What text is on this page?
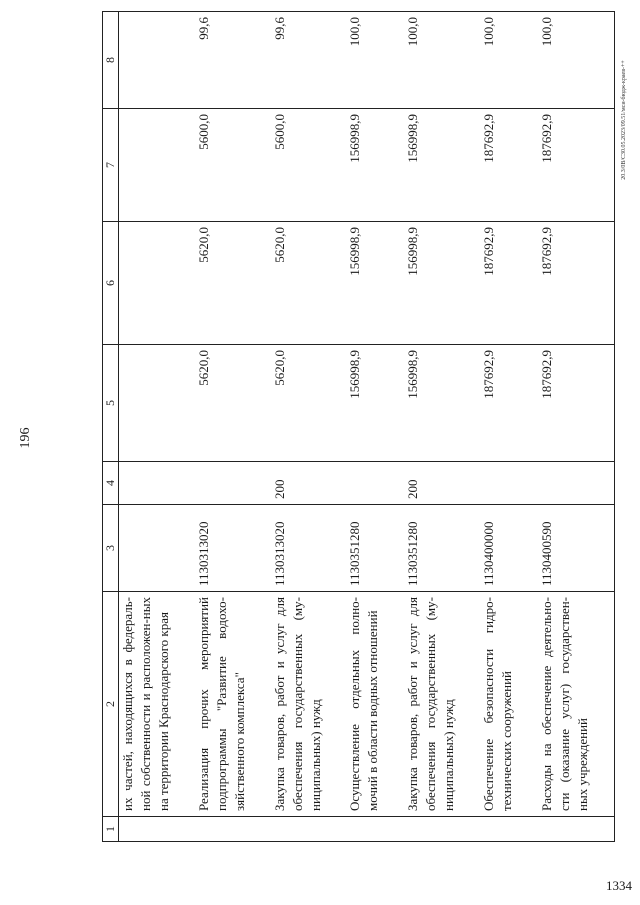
196
1	2	3	4	5	6	7	8
	их частей, находящихся в федераль-ной собственности и расположен-ных на территории Краснодарского края						
	Реализация прочих мероприятий подпрограммы "Развитие водохо-зяйственного комплекса"	1130313020		5620,0	5620,0	5600,0	99,6
	Закупка товаров, работ и услуг для обеспечения государственных (му-ниципальных) нужд	1130313020	200	5620,0	5620,0	5600,0	99,6
	Осуществление отдельных полно-мочий в области водных отношений	1130351280		156998,9	156998,9	156998,9	100,0
	Закупка товаров, работ и услуг для обеспечения государственных (му-ниципальных) нужд	1130351280	200	156998,9	156998,9	156998,9	100,0
	Обеспечение безопасности гидро-технических сооружений	1130400000		187692,9	187692,9	187692,9	100,0
	Расходы на обеспечение деятельно-сти (оказание услуг) государствен-ных учреждений	1130400590		187692,9	187692,9	187692,9	100,0
1334
20.3/0B/C30.05.2023/09.51/мси-бюдж-краев-++
